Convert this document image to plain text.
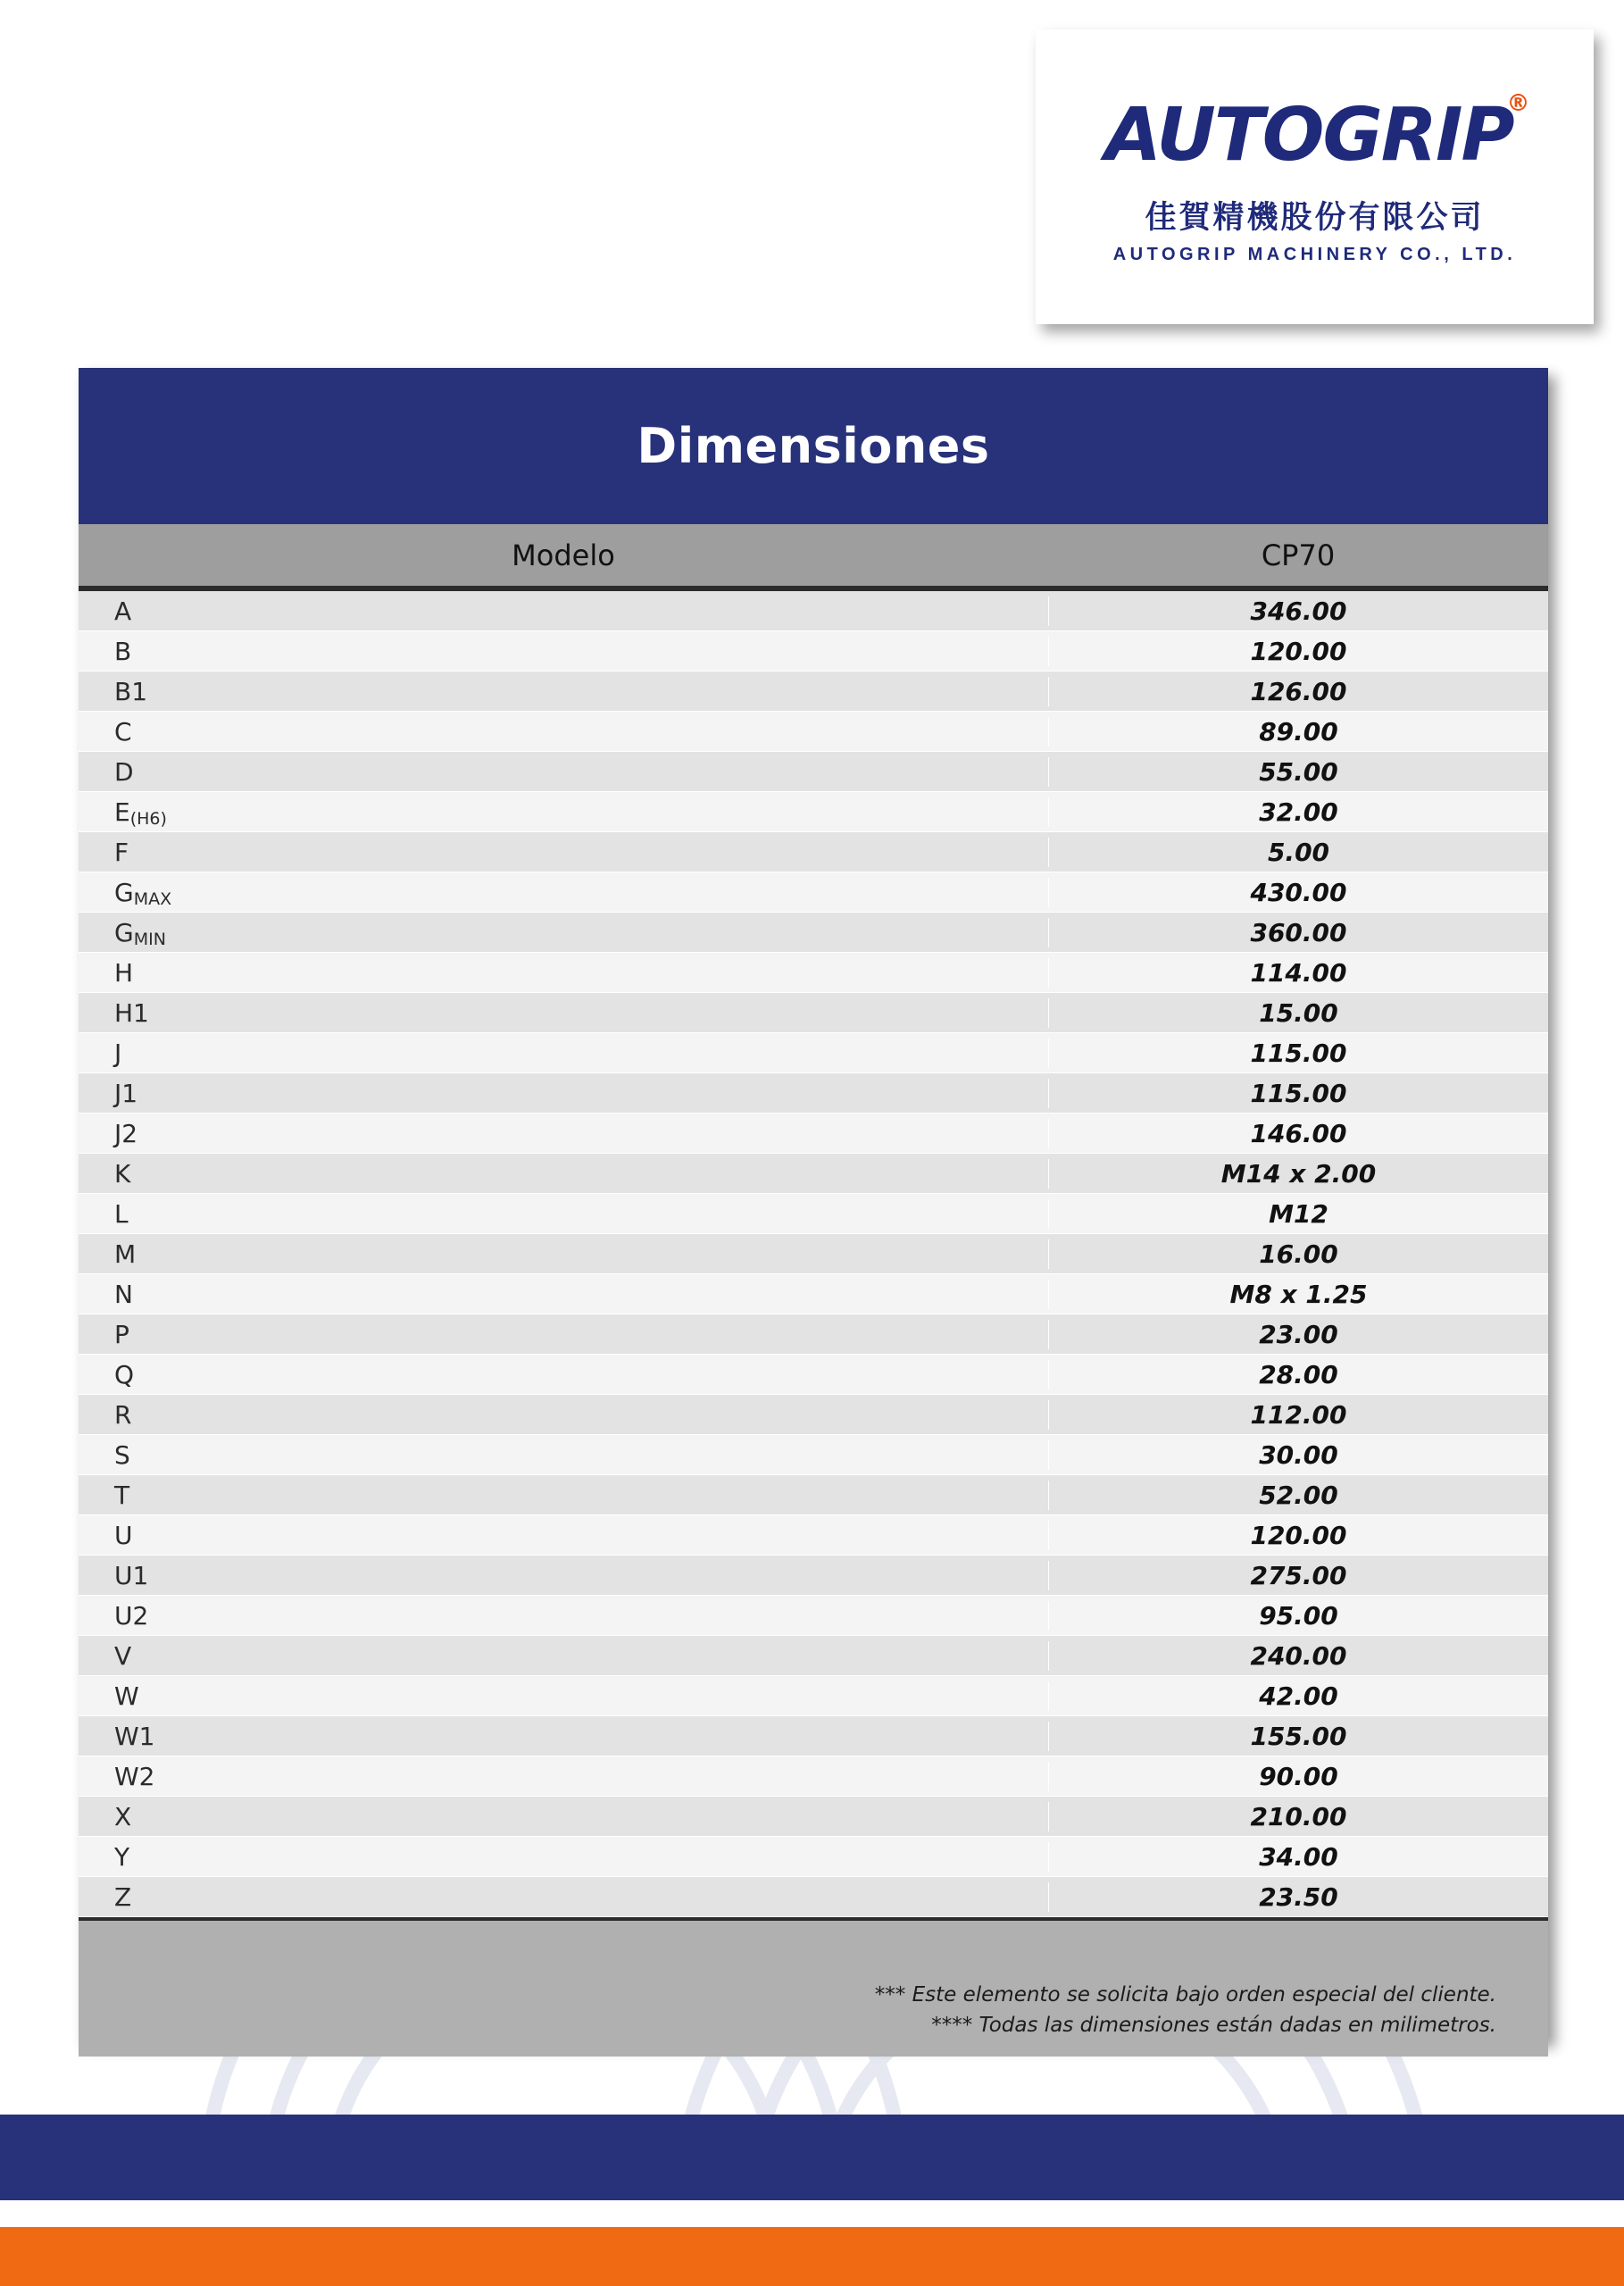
AUTOGRIP
®
佳賀精機股份有限公司
AUTOGRIP MACHINERY CO., LTD.
Dimensiones
Modelo	CP70
A	346.00
B	120.00
B1	126.00
C	89.00
D	55.00
E (H6)	32.00
F	5.00
G MAX	430.00
G MIN	360.00
H	114.00
H1	15.00
J	115.00
J1	115.00
J2	146.00
K	M14 x 2.00
L	M12
M	16.00
N	M8 x 1.25
P	23.00
Q	28.00
R	112.00
S	30.00
T	52.00
U	120.00
U1	275.00
U2	95.00
V	240.00
W	42.00
W1	155.00
W2	90.00
X	210.00
Y	34.00
Z	23.50
*** Este elemento se solicita bajo orden especial del cliente.
**** Todas las dimensiones están dadas en milimetros.
